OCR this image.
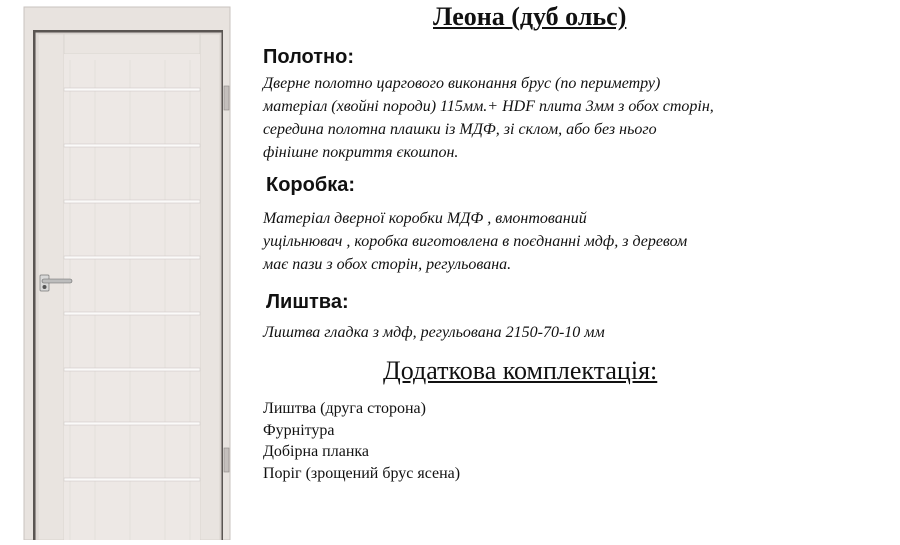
Леона (дуб ольс)
Полотно:
Дверне полотно царгового виконання брус (по периметру)
матеріал (хвойні породи) 115мм.+ HDF плита 3мм з обох сторін,
середина полотна плашки із МДФ, зі склом, або без нього
фінішне покриття єкошпон.
Коробка:
Матеріал дверної коробки МДФ , вмонтований
ущільнювач , коробка виготовлена в поєднанні мдф, з деревом
має пази з обох сторін, регульована.
Лиштва:
Лиштва гладка з мдф, регульована 2150-70-10 мм
Додаткова комплектація:
Лиштва (друга сторона)
Фурнітура
Добірна планка
Поріг (зрощений брус ясена)
